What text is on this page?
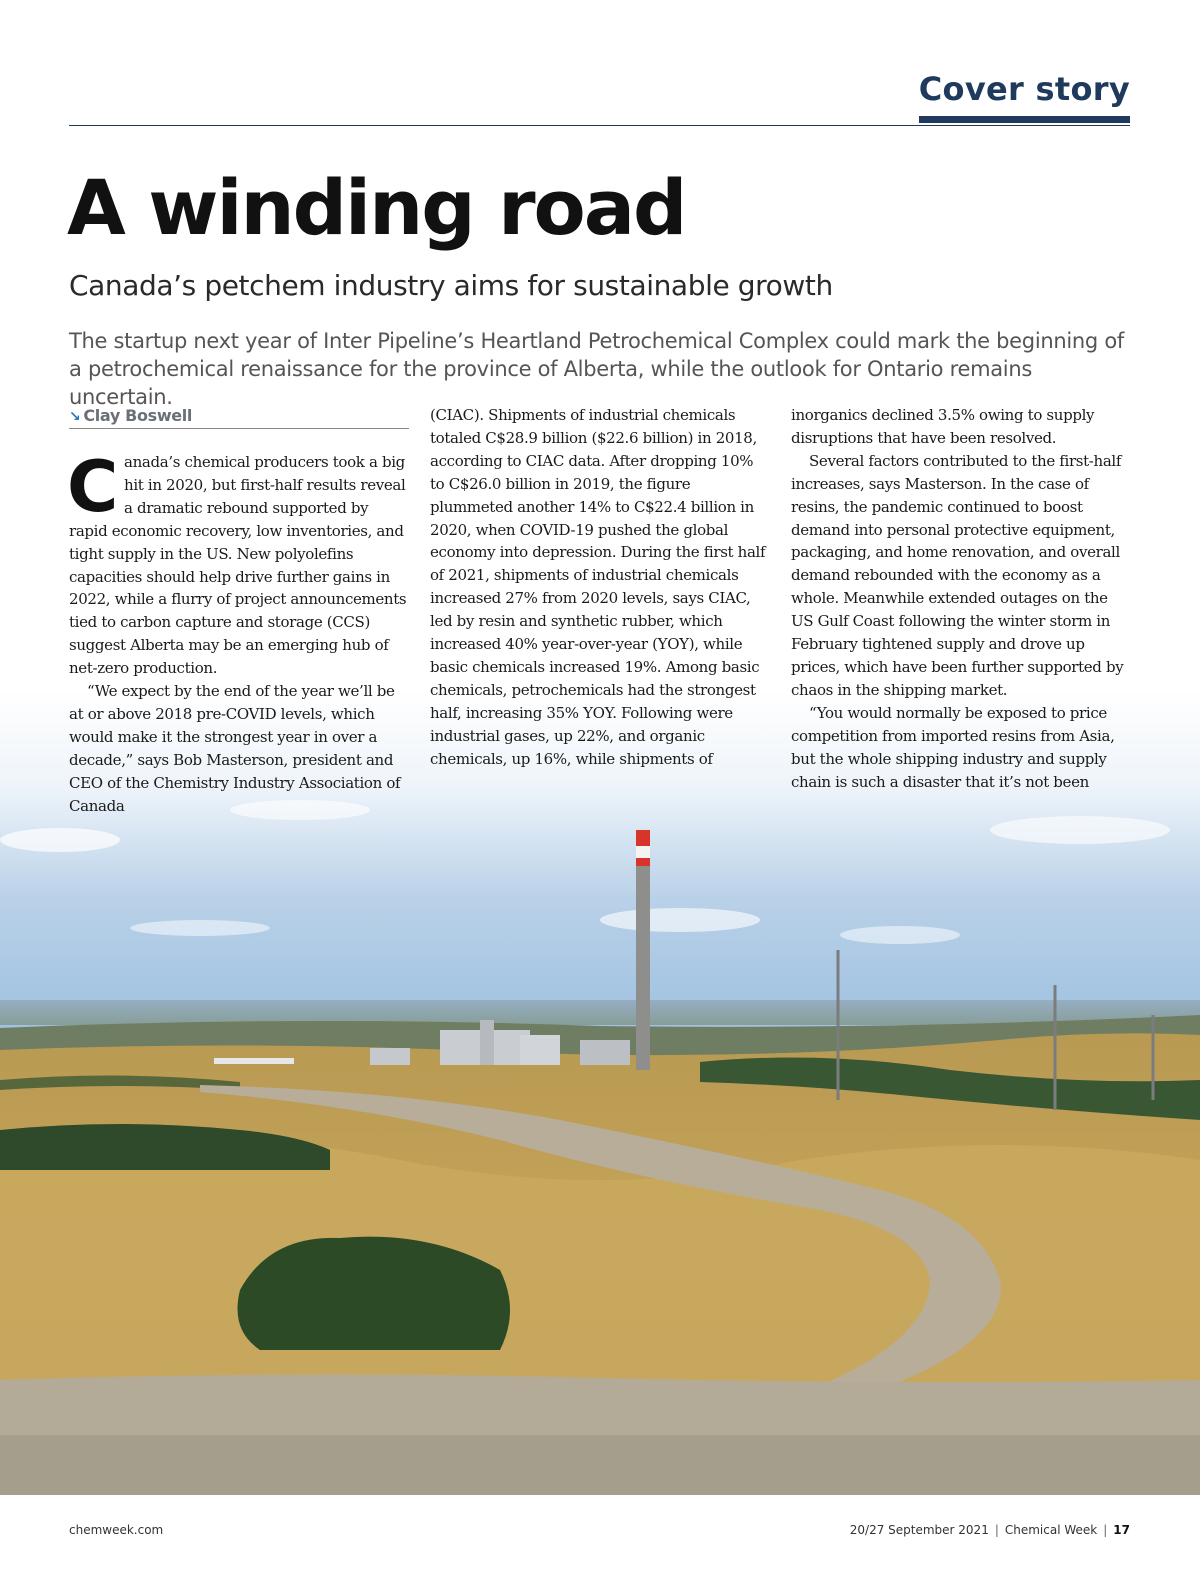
Cover story
A winding road
Canada’s petchem industry aims for sustainable growth

The startup next year of Inter Pipeline’s Heartland Petrochemical Complex could mark the beginning of a petrochemical renaissance for the province of Alberta, while the outlook for Ontario remains uncertain.

↘ Clay Boswell

Canada’s chemical producers took a big hit in 2020, but first-half results reveal a dramatic rebound supported by rapid economic recovery, low inventories, and tight supply in the US. New polyolefins capacities should help drive further gains in 2022, while a flurry of project announcements tied to carbon capture and storage (CCS) suggest Alberta may be an emerging hub of net-zero production.

“We expect by the end of the year we’ll be at or above 2018 pre-COVID levels, which would make it the strongest year in over a decade,” says Bob Masterson, president and CEO of the Chemistry Industry Association of Canada

(CIAC). Shipments of industrial chemicals totaled C$28.9 billion ($22.6 billion) in 2018, according to CIAC data. After dropping 10% to C$26.0 billion in 2019, the figure plummeted another 14% to C$22.4 billion in 2020, when COVID-19 pushed the global economy into depression. During the first half of 2021, shipments of industrial chemicals increased 27% from 2020 levels, says CIAC, led by resin and synthetic rubber, which increased 40% year-over-year (YOY), while basic chemicals increased 19%. Among basic chemicals, petrochemicals had the strongest half, increasing 35% YOY. Following were industrial gases, up 22%, and organic chemicals, up 16%, while shipments of

inorganics declined 3.5% owing to supply disruptions that have been resolved.

Several factors contributed to the first-half increases, says Masterson. In the case of resins, the pandemic continued to boost demand into personal protective equipment, packaging, and home renovation, and overall demand rebounded with the economy as a whole. Meanwhile extended outages on the US Gulf Coast following the winter storm in February tightened supply and drove up prices, which have been further supported by chaos in the shipping market.

“You would normally be exposed to price competition from imported resins from Asia, but the whole shipping industry and supply chain is such a disaster that it’s not been

chemweek.com	20/27 September 2021 | Chemical Week | 17
